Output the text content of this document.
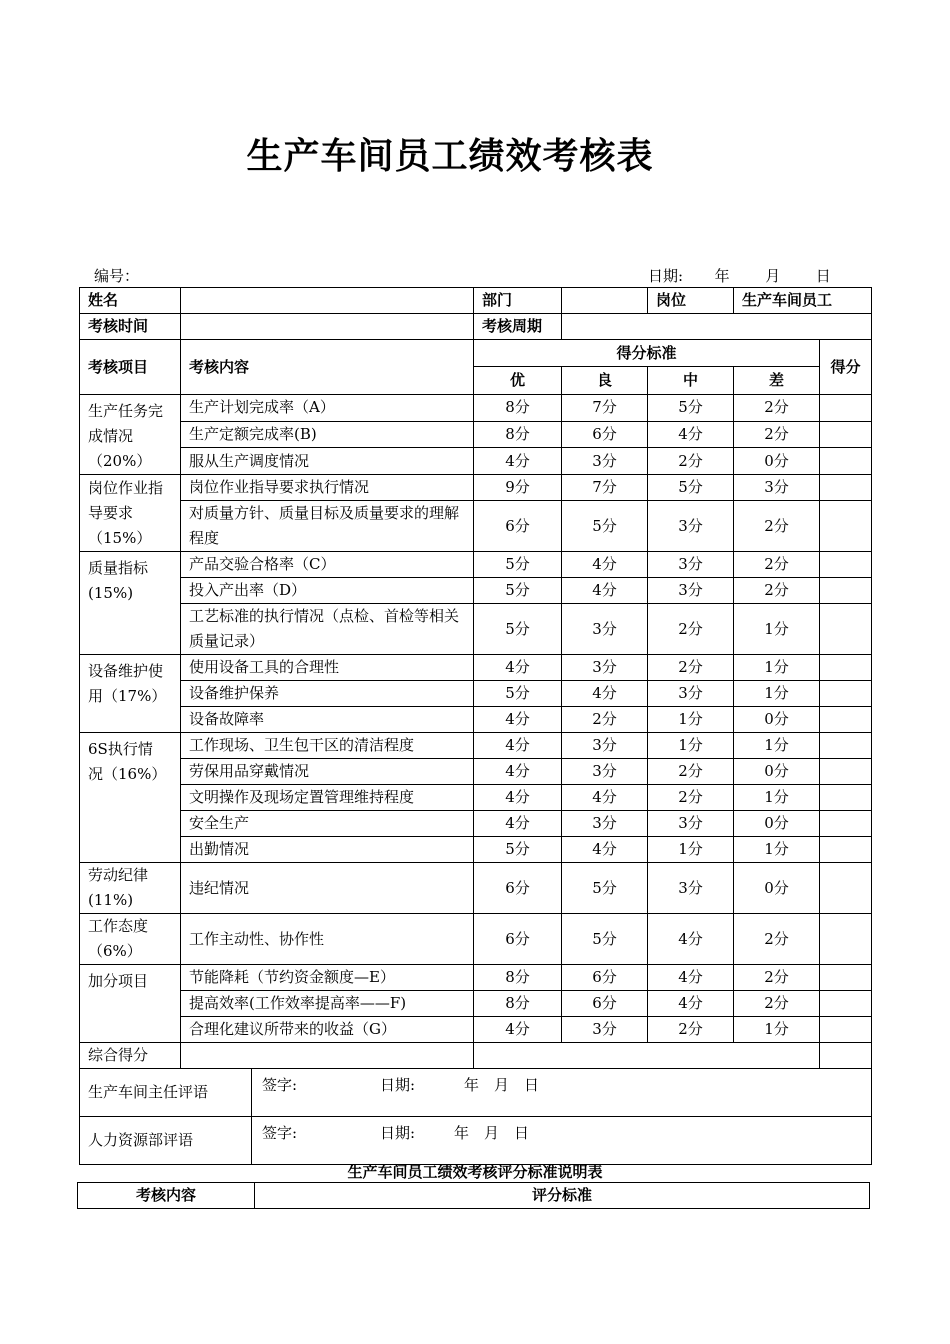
生产车间员工绩效考核表
编号：	日期: 年 月 日
姓名			部门		岗位	生产车间员工	
考核时间			考核周期				
考核项目	考核内容		得分标准				得分
			优	良	中	差	
生产任务完成情况（20%）	生产计划完成率（A）		8分	7分	5分	2分	
	生产定额完成率(B)		8分	6分	4分	2分	
	服从生产调度情况		4分	3分	2分	0分	
岗位作业指导要求（15%）	岗位作业指导要求执行情况		9分	7分	5分	3分	
	对质量方针、质量目标及质量要求的理解程度		6分	5分	3分	2分	
质量指标(15%)	产品交验合格率（C）		5分	4分	3分	2分	
	投入产出率（D）		5分	4分	3分	2分	
	工艺标准的执行情况（点检、首检等相关质量记录）		5分	3分	2分	1分	
设备维护使用（17%）	使用设备工具的合理性		4分	3分	2分	1分	
	设备维护保养		5分	4分	3分	1分	
	设备故障率		4分	2分	1分	0分	
6S执行情况（16%）	工作现场、卫生包干区的清洁程度		4分	3分	1分	1分	
	劳保用品穿戴情况		4分	3分	2分	0分	
	文明操作及现场定置管理维持程度		4分	4分	2分	1分	
	安全生产		4分	3分	3分	0分	
	出勤情况		5分	4分	1分	1分	
劳动纪律(11%)	违纪情况		6分	5分	3分	0分	
工作态度（6%）	工作主动性、协作性		6分	5分	4分	2分	
加分项目	节能降耗（节约资金额度—E）		8分	6分	4分	2分	
	提高效率(工作效率提高率——F)		8分	6分	4分	2分	
	合理化建议所带来的收益（G）		4分	3分	2分	1分	
综合得分							
生产车间主任评语		签字: 日期: 年　月　日					
人力资源部评语		签字: 日期: 年　月　日					
生产车间员工绩效考核评分标准说明表
考核内容	评分标准
